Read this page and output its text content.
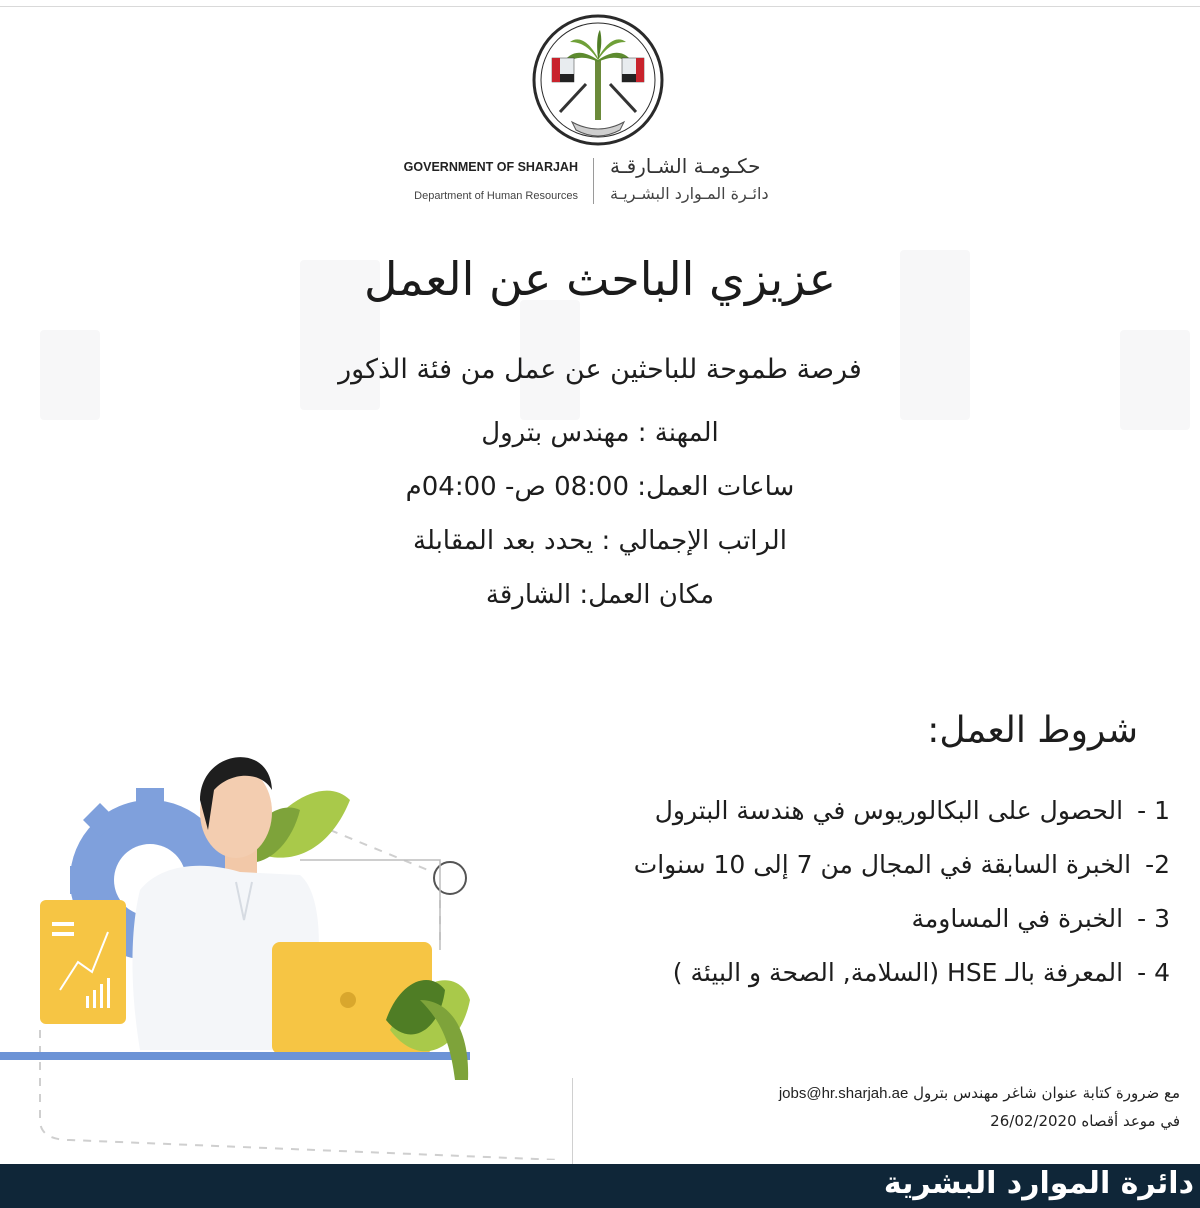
GOVERNMENT OF SHARJAH
Department of Human Resources
حكـومـة الشـارقـة
دائـرة المـوارد البشـريـة
عزيزي الباحث عن العمل
فرصة طموحة للباحثين عن عمل من فئة الذكور
المهنة : مهندس بترول
ساعات العمل: 08:00 ص- 04:00م
الراتب الإجمالي : يحدد بعد المقابلة
مكان العمل: الشارقة
شروط العمل:
1 -الحصول على البكالوريوس في هندسة البترول
2-الخبرة السابقة في المجال من 7 إلى 10 سنوات
3 -الخبرة في المساومة
4 -المعرفة بالـ HSE (السلامة, الصحة و البيئة )
مع ضرورة كتابة عنوان شاغر مهندس بترول jobs@hr.sharjah.ae
في موعد أقصاه 26/02/2020
دائرة الموارد البشرية
